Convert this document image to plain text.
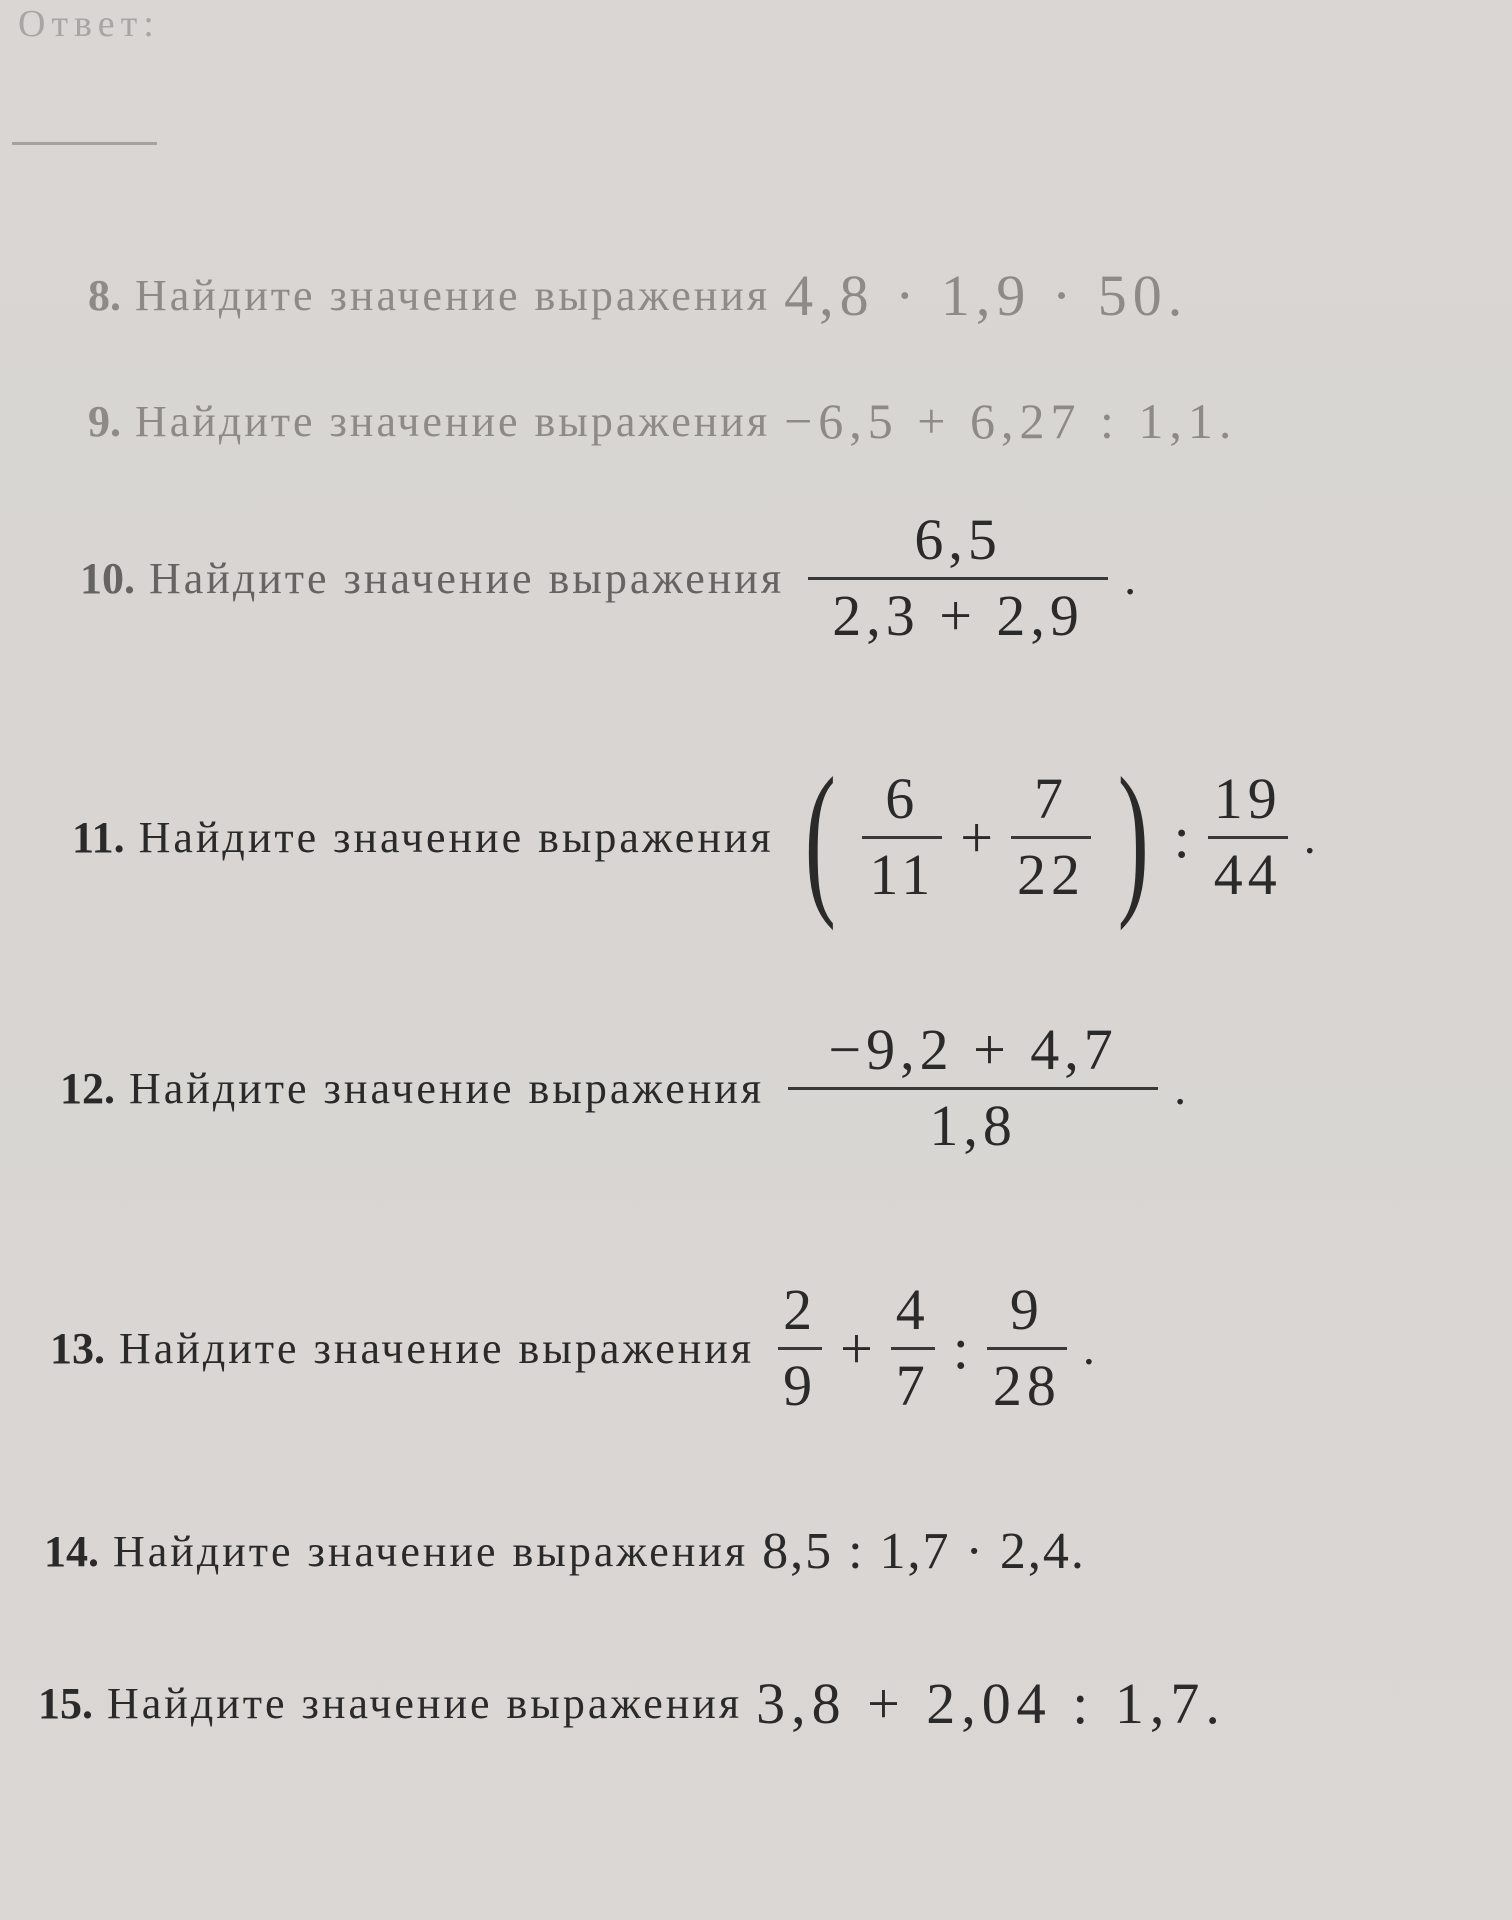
Ответ:
8. Найдите значение выражения 4,8 · 1,9 · 50.
9. Найдите значение выражения −6,5 + 6,27 : 1,1.
10. Найдите значение выражения $\frac{6,5}{2,3 + 2,9}$ .
11. Найдите значение выражения ( $\frac{6}{11} + \frac{7}{22}$ ) : $\frac{19}{44}$ .
12. Найдите значение выражения $\frac{-9,2 + 4,7}{1,8}$ .
13. Найдите значение выражения $\frac{2}{9} + \frac{4}{7}$ : $\frac{9}{28}$ .
14. Найдите значение выражения 8,5 : 1,7 · 2,4.
15. Найдите значение выражения 3,8 + 2,04 : 1,7.
